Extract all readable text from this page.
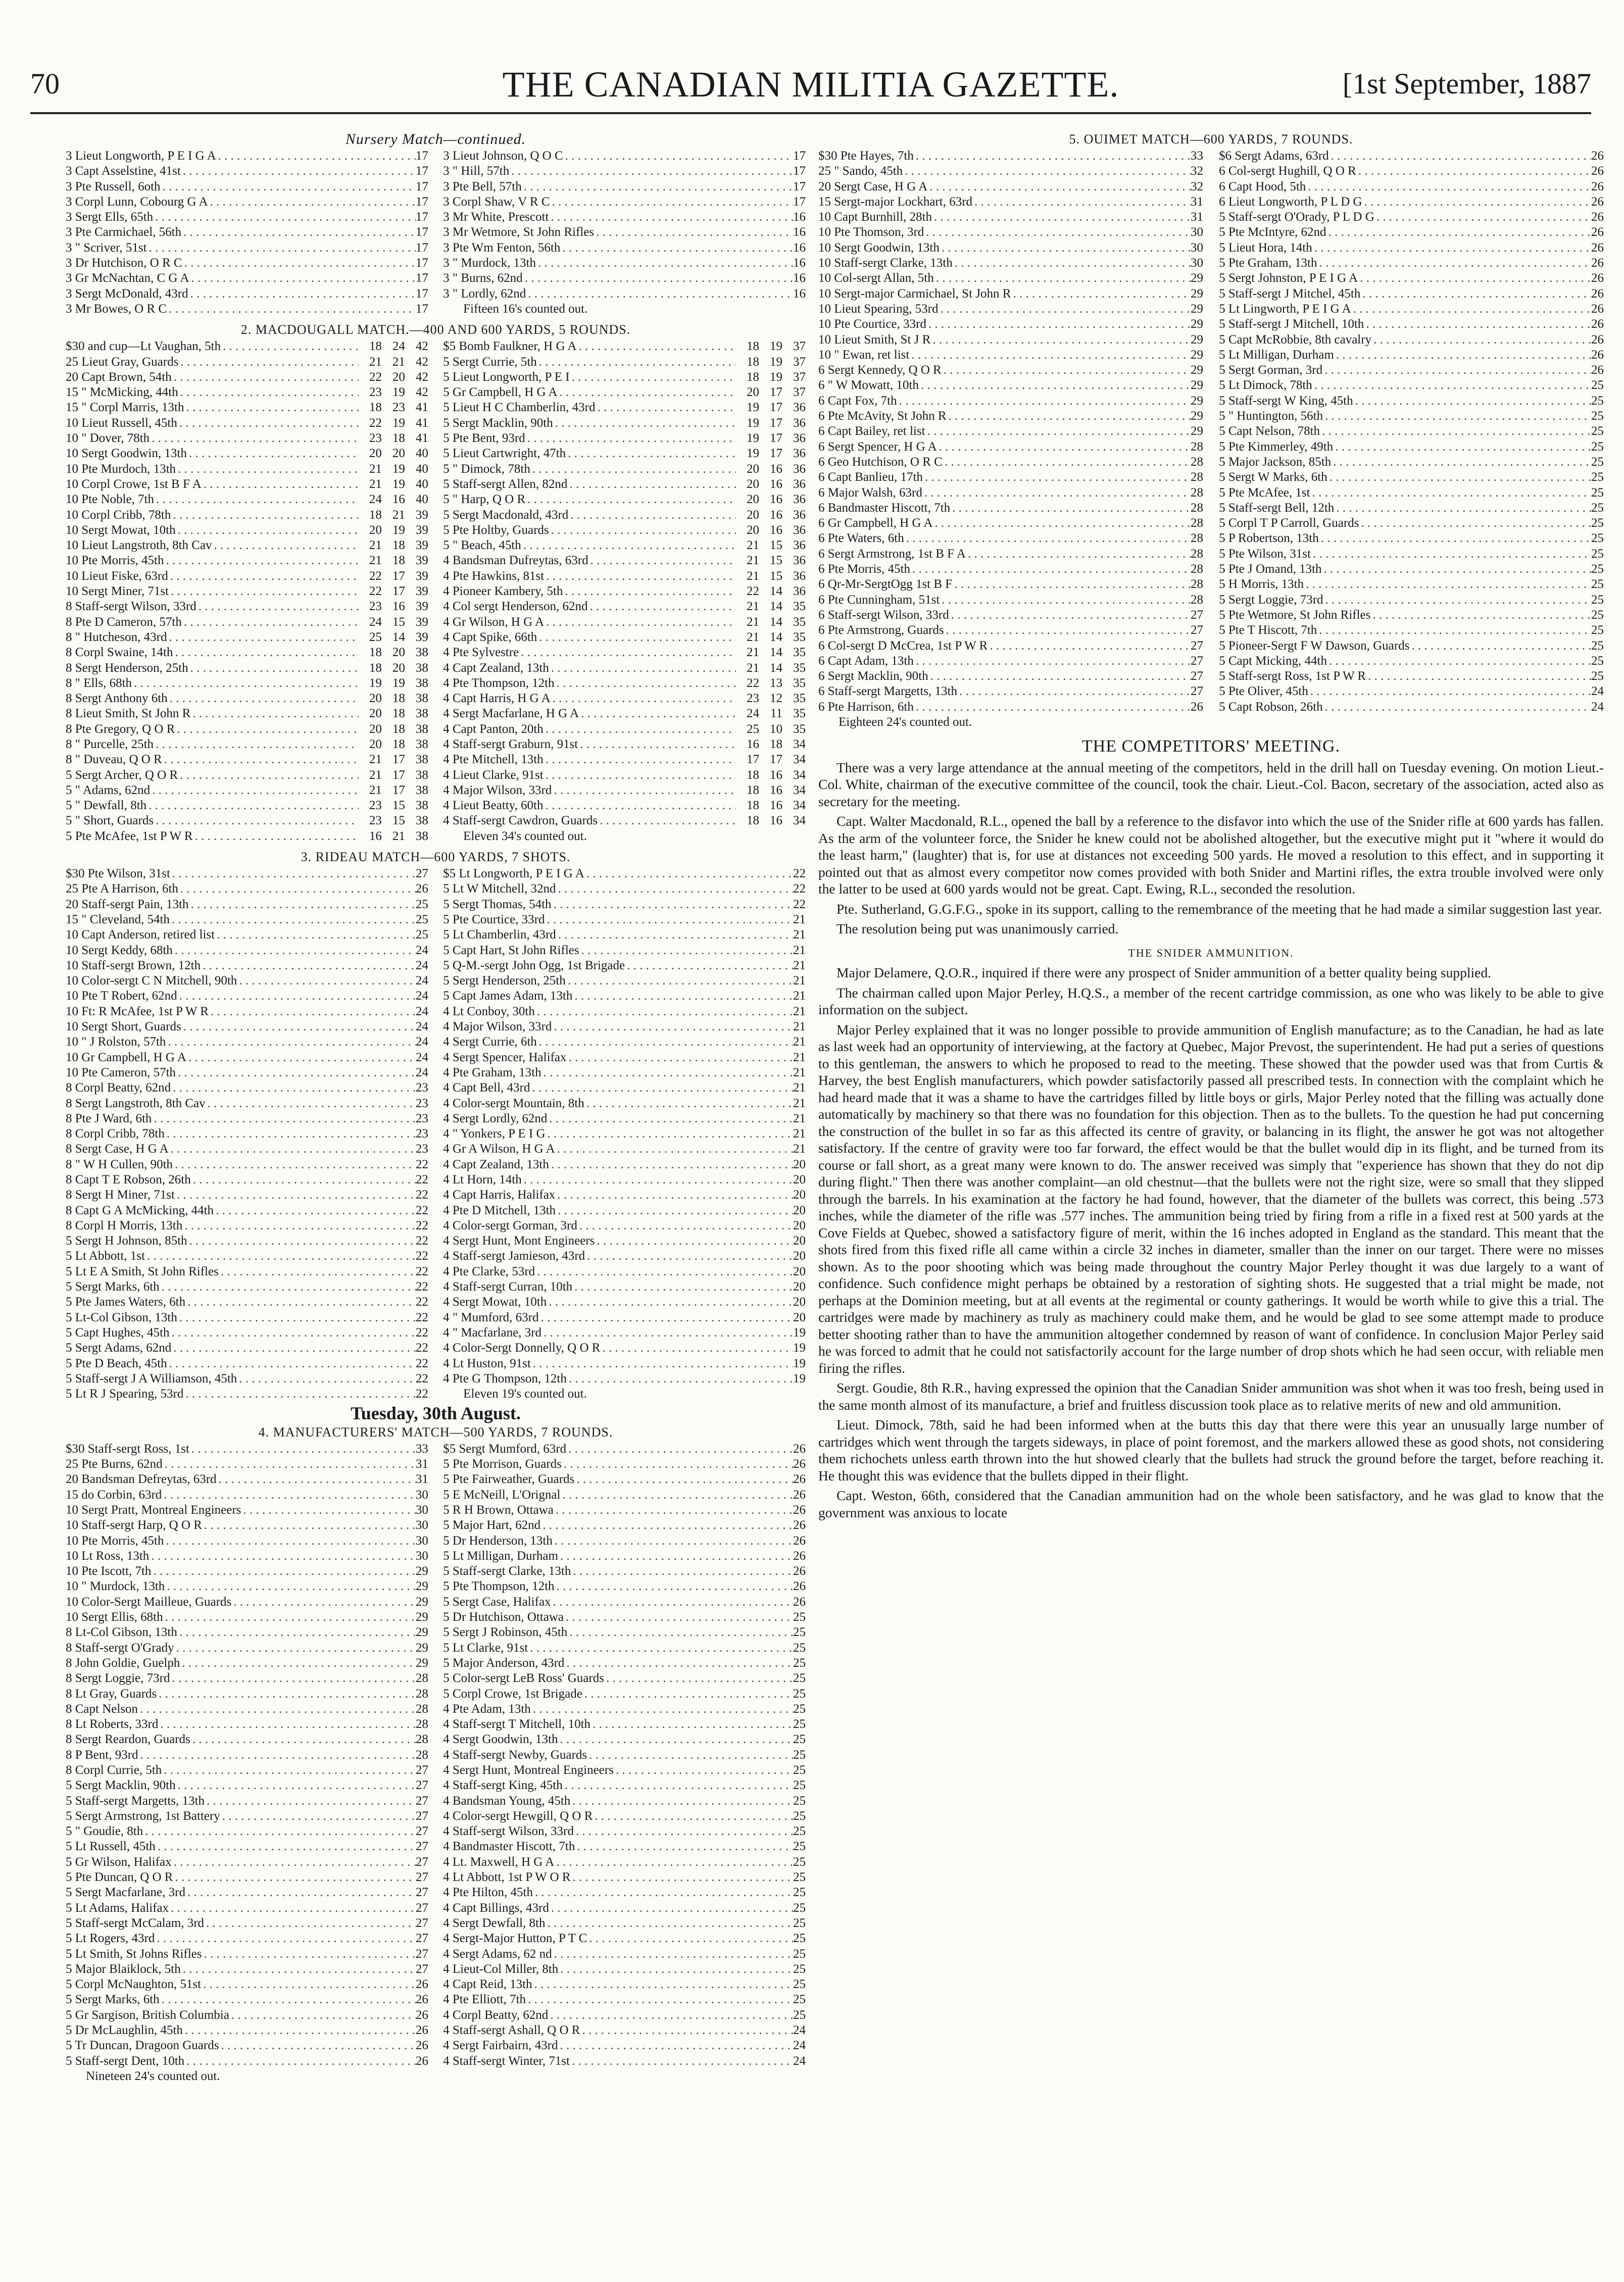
70	THE CANADIAN MILITIA GAZETTE.	[1st September, 1887
Nursery Match—continued.
3 Lieut Longworth, P E I G A . . .	17
3 Capt Asselstine, 41st . . .	17
3 Pte Russell, 6oth . . .	17
3 Corpl Lunn, Cobourg G A . . .	17
3 Sergt Ells, 65th . . .	17
3 Pte Carmichael, 56th . . .	17
3 " Scriver, 51st . . .	17
3 Dr Hutchison, O R C . . .	17
3 Gr McNachtan, C G A . . .	17
3 Sergt McDonald, 43rd . . .	17
3 Mr Bowes, O R C . . .	17
3 Lieut Johnson, Q O C . . .	17
3 " Hill, 57th . . .	17
3 Pte Bell, 57th . . .	17
3 Corpl Shaw, V R C . . .	17
3 Mr White, Prescott . . .	16
3 Mr Wetmore, St John Rifles . . .	16
3 Pte Wm Fenton, 56th . . .	16
3 " Murdock, 13th . . .	16
3 " Burns, 62nd . . .	16
3 " Lordly, 62nd . . .	16
Fifteen 16's counted out.
2. MACDOUGALL MATCH.—400 AND 600 YARDS, 5 ROUNDS.
$30 and cup—Lt Vaughan, 5th . . .	18 24 42
25 Lieut Gray, Guards . . .	21 21 42
20 Capt Brown, 54th . . .	22 20 42
15 " McMicking, 44th . . .	23 19 42
15 " Corpl Marris, 13th . . .	18 23 41
10 Lieut Russell, 45th . . .	22 19 41
10 " Dover, 78th . . .	23 18 41
10 Sergt Goodwin, 13th . . .	20 20 40
10 Pte Murdoch, 13th . . .	21 19 40
10 Corpl Crowe, 1st B F A . . .	21 19 40
10 Pte Noble, 7th . . .	24 16 40
10 Corpl Cribb, 78th . . .	18 21 39
10 Sergt Mowat, 10th . . .	20 19 39
10 Lieut Langstroth, 8th Cav . . .	21 18 39
10 Pte Morris, 45th . . .	21 18 39
10 Lieut Fiske, 63rd . . .	22 17 39
10 Sergt Miner, 71st . . .	22 17 39
8 Staff-sergt Wilson, 33rd . . .	23 16 39
8 Pte D Cameron, 57th . . .	24 15 39
8 " Hutcheson, 43rd . . .	25 14 39
8 Corpl Swaine, 14th . . .	18 20 38
8 Sergt Henderson, 25th . . .	18 20 38
8 " Ells, 68th . . .	19 19 38
8 Sergt Anthony 6th . . .	20 18 38
8 Lieut Smith, St John R . . .	20 18 38
8 Pte Gregory, Q O R . . .	20 18 38
8 " Purcelle, 25th . . .	20 18 38
8 " Duveau, Q O R . . .	21 17 38
5 Sergt Archer, Q O R . . .	21 17 38
5 " Adams, 62nd . . .	21 17 38
5 " Dewfall, 8th . . .	23 15 38
5 " Short, Guards . . .	23 15 38
5 Pte McAfee, 1st P W R . . .	16 21 38
$5 Bomb Faulkner, H G A . . .	18 19 37
5 Sergt Currie, 5th . . .	18 19 37
5 Lieut Longworth, P E I . . .	18 19 37
5 Gr Campbell, H G A . . .	20 17 37
5 Lieut H C Chamberlin, 43rd . . .	19 17 36
5 Sergt Macklin, 90th . . .	19 17 36
5 Pte Bent, 93rd . . .	19 17 36
5 Lieut Cartwright, 47th . . .	19 17 36
5 " Dimock, 78th . . .	20 16 36
5 Staff-sergt Allen, 82nd . . .	20 16 36
5 " Harp, Q O R . . .	20 16 36
5 Sergt Macdonald, 43rd . . .	20 16 36
5 Pte Holtby, Guards . . .	20 16 36
5 " Beach, 45th . . .	21 15 36
4 Bandsman Dufreytas, 63rd . . .	21 15 36
4 Pte Hawkins, 81st . . .	21 15 36
4 Pioneer Kambery, 5th . . .	22 14 36
4 Col sergt Henderson, 62nd . . .	21 14 35
4 Gr Wilson, H G A . . .	21 14 35
4 Capt Spike, 66th . . .	21 14 35
4 Pte Sylvestre . . .	21 14 35
4 Capt Zealand, 13th . . .	21 14 35
4 Pte Thompson, 12th . . .	22 13 35
4 Capt Harris, H G A . . .	23 12 35
4 Sergt Macfarlane, H G A . . .	24 11 35
4 Capt Panton, 20th . . .	25 10 35
4 Staff-sergt Graburn, 91st . . .	16 18 34
4 Pte Mitchell, 13th . . .	17 17 34
4 Lieut Clarke, 91st . . .	18 16 34
4 Major Wilson, 33rd . . .	18 16 34
4 Lieut Beatty, 60th . . .	18 16 34
4 Staff-sergt Cawdron, Guards . . .	18 16 34
Eleven 34's counted out.
3. RIDEAU MATCH—600 YARDS, 7 SHOTS.
$30 Pte Wilson, 31st . . .	27
25 Pte A Harrison, 6th . . .	26
20 Staff-sergt Pain, 13th . . .	25
15 " Cleveland, 54th . . .	25
10 Capt Anderson, retired list . . .	25
10 Sergt Keddy, 68th . . .	24
10 Staff-sergt Brown, 12th . . .	24
10 Color-sergt C N Mitchell, 90th . . .	24
10 Pte T Robert, 62nd . . .	24
10 Ft: R McAfee, 1st P W R . . .	24
10 Sergt Short, Guards . . .	24
10 " J Rolston, 57th . . .	24
10 Gr Campbell, H G A . . .	24
10 Pte Cameron, 57th . . .	24
8 Corpl Beatty, 62nd . . .	23
8 Sergt Langstroth, 8th Cav . . .	23
8 Pte J Ward, 6th . . .	23
8 Corpl Cribb, 78th . . .	23
8 Sergt Case, H G A . . .	23
8 " W H Cullen, 90th . . .	22
8 Capt T E Robson, 26th . . .	22
8 Sergt H Miner, 71st . . .	22
8 Capt G A McMicking, 44th . . .	22
8 Corpl H Morris, 13th . . .	22
5 Sergt H Johnson, 85th . . .	22
5 Lt Abbott, 1st . . .	22
5 Lt E A Smith, St John Rifles . . .	22
5 Sergt Marks, 6th . . .	22
5 Pte James Waters, 6th . . .	22
5 Lt-Col Gibson, 13th . . .	22
5 Capt Hughes, 45th . . .	22
5 Sergt Adams, 62nd . . .	22
5 Pte D Beach, 45th . . .	22
5 Staff-sergt J A Williamson, 45th . . .	22
5 Lt R J Spearing, 53rd . . .	22
$5 Lt Longworth, P E I G A . . .	22
5 Lt W Mitchell, 32nd . . .	22
5 Sergt Thomas, 54th . . .	22
5 Pte Courtice, 33rd . . .	21
5 Lt Chamberlin, 43rd . . .	21
5 Capt Hart, St John Rifles . . .	21
5 Q-M.-sergt John Ogg, 1st Brigade . . .	21
5 Sergt Henderson, 25th . . .	21
5 Capt James Adam, 13th . . .	21
4 Lt Conboy, 30th . . .	21
4 Major Wilson, 33rd . . .	21
4 Sergt Currie, 6th . . .	21
4 Sergt Spencer, Halifax . . .	21
4 Pte Graham, 13th . . .	21
4 Capt Bell, 43rd . . .	21
4 Color-sergt Mountain, 8th . . .	21
4 Sergt Lordly, 62nd . . .	21
4 " Yonkers, P E I G . . .	21
4 Gr A Wilson, H G A . . .	21
4 Capt Zealand, 13th . . .	20
4 Lt Horn, 14th . . .	20
4 Capt Harris, Halifax . . .	20
4 Pte D Mitchell, 13th . . .	20
4 Color-sergt Gorman, 3rd . . .	20
4 Sergt Hunt, Mont Engineers . . .	20
4 Staff-sergt Jamieson, 43rd . . .	20
4 Pte Clarke, 53rd . . .	20
4 Staff-sergt Curran, 10th . . .	20
4 Sergt Mowat, 10th . . .	20
4 " Mumford, 63rd . . .	20
4 " Macfarlane, 3rd . . .	19
4 Color-Sergt Donnelly, Q O R . . .	19
4 Lt Huston, 91st . . .	19
4 Pte G Thompson, 12th . . .	19
Eleven 19's counted out.
Tuesday, 30th August.
4. MANUFACTURERS' MATCH—500 YARDS, 7 ROUNDS.
$30 Staff-sergt Ross, 1st . . .	33
25 Pte Burns, 62nd . . .	31
20 Bandsman Defreytas, 63rd . . .	31
15 do Corbin, 63rd . . .	30
10 Sergt Pratt, Montreal Engineers . . .	30
10 Staff-sergt Harp, Q O R . . .	30
10 Pte Morris, 45th . . .	30
10 Lt Ross, 13th . . .	30
10 Pte Iscott, 7th . . .	29
10 " Murdock, 13th . . .	29
10 Color-Sergt Mailleue, Guards . . .	29
10 Sergt Ellis, 68th . . .	29
8 Lt-Col Gibson, 13th . . .	29
8 Staff-sergt O'Grady . . .	29
8 John Goldie, Guelph . . .	29
8 Sergt Loggie, 73rd . . .	28
8 Lt Gray, Guards . . .	28
8 Capt Nelson . . .	28
8 Lt Roberts, 33rd . . .	28
8 Sergt Reardon, Guards . . .	28
8 P Bent, 93rd . . .	28
8 Corpl Currie, 5th . . .	27
5 Sergt Macklin, 90th . . .	27
5 Staff-sergt Margetts, 13th . . .	27
5 Sergt Armstrong, 1st Battery . . .	27
5 " Goudie, 8th . . .	27
5 Lt Russell, 45th . . .	27
5 Gr Wilson, Halifax . . .	27
5 Pte Duncan, Q O R . . .	27
5 Sergt Macfarlane, 3rd . . .	27
5 Lt Adams, Halifax . . .	27
5 Staff-sergt McCalam, 3rd . . .	27
5 Lt Rogers, 43rd . . .	27
5 Lt Smith, St Johns Rifles . . .	27
5 Major Blaiklock, 5th . . .	27
5 Corpl McNaughton, 51st . . .	26
5 Sergt Marks, 6th . . .	26
5 Gr Sargison, British Columbia . . .	26
5 Dr McLaughlin, 45th . . .	26
5 Tr Duncan, Dragoon Guards . . .	26
5 Staff-sergt Dent, 10th . . .	26
Nineteen 24's counted out.
$5 Sergt Mumford, 63rd . . .	26
5 Pte Morrison, Guards . . .	26
5 Pte Fairweather, Guards . . .	26
5 E McNeill, L'Orignal . . .	26
5 R H Brown, Ottawa . . .	26
5 Major Hart, 62nd . . .	26
5 Dr Henderson, 13th . . .	26
5 Lt Milligan, Durham . . .	26
5 Staff-sergt Clarke, 13th . . .	26
5 Pte Thompson, 12th . . .	26
5 Sergt Case, Halifax . . .	26
5 Dr Hutchison, Ottawa . . .	25
5 Sergt J Robinson, 45th . . .	25
5 Lt Clarke, 91st . . .	25
5 Major Anderson, 43rd . . .	25
5 Color-sergt LeB Ross' Guards . . .	25
5 Corpl Crowe, 1st Brigade . . .	25
4 Pte Adam, 13th . . .	25
4 Staff-sergt T Mitchell, 10th . . .	25
4 Sergt Goodwin, 13th . . .	25
4 Staff-sergt Newby, Guards . . .	25
4 Sergt Hunt, Montreal Engineers . . .	25
4 Staff-sergt King, 45th . . .	25
4 Bandsman Young, 45th . . .	25
4 Color-sergt Hewgill, Q O R . . .	25
4 Staff-sergt Wilson, 33rd . . .	25
4 Bandmaster Hiscott, 7th . . .	25
4 Lt. Maxwell, H G A . . .	25
4 Lt Abbott, 1st P W O R . . .	25
4 Pte Hilton, 45th . . .	25
4 Capt Billings, 43rd . . .	25
4 Sergt Dewfall, 8th . . .	25
4 Sergt-Major Hutton, P T C . . .	25
4 Sergt Adams, 62 nd . . .	25
4 Lieut-Col Miller, 8th . . .	25
4 Capt Reid, 13th . . .	25
4 Pte Elliott, 7th . . .	25
4 Corpl Beatty, 62nd . . .	25
4 Staff-sergt Ashall, Q O R . . .	24
4 Sergt Fairbairn, 43rd . . .	24
4 Staff-sergt Winter, 71st . . .	24
5. OUIMET MATCH—600 YARDS, 7 ROUNDS.
$30 Pte Hayes, 7th . . .	33
25 " Sando, 45th . . .	32
20 Sergt Case, H G A . . .	32
15 Sergt-major Lockhart, 63rd . . .	31
10 Capt Burnhill, 28th . . .	31
10 Pte Thomson, 3rd . . .	30
10 Sergt Goodwin, 13th . . .	30
10 Staff-sergt Clarke, 13th . . .	30
10 Col-sergt Allan, 5th . . .	29
10 Sergt-major Carmichael, St John R . . .	29
10 Lieut Spearing, 53rd . . .	29
10 Pte Courtice, 33rd . . .	29
10 Lieut Smith, St J R . . .	29
10 " Ewan, ret list . . .	29
6 Sergt Kennedy, Q O R . . .	29
6 " W Mowatt, 10th . . .	29
6 Capt Fox, 7th . . .	29
6 Pte McAvity, St John R . . .	29
6 Capt Bailey, ret list . . .	29
6 Sergt Spencer, H G A . . .	28
6 Geo Hutchison, O R C . . .	28
6 Capt Banlieu, 17th . . .	28
6 Major Walsh, 63rd . . .	28
6 Bandmaster Hiscott, 7th . . .	28
6 Gr Campbell, H G A . . .	28
6 Pte Waters, 6th . . .	28
6 Sergt Armstrong, 1st B F A . . .	28
6 Pte Morris, 45th . . .	28
6 Qr-Mr-SergtOgg 1st B F . . .	28
6 Pte Cunningham, 51st . . .	28
6 Staff-sergt Wilson, 33rd . . .	27
6 Pte Armstrong, Guards . . .	27
6 Col-sergt D McCrea, 1st P W R . . .	27
6 Capt Adam, 13th . . .	27
6 Sergt Macklin, 90th . . .	27
6 Staff-sergt Margetts, 13th . . .	27
6 Pte Harrison, 6th . . .	26
Eighteen 24's counted out.
$6 Sergt Adams, 63rd . . .	26
6 Col-sergt Hughill, Q O R . . .	26
6 Capt Hood, 5th . . .	26
6 Lieut Longworth, P L D G . . .	26
5 Staff-sergt O'Orady, P L D G . . .	26
5 Pte McIntyre, 62nd . . .	26
5 Lieut Hora, 14th . . .	26
5 Pte Graham, 13th . . .	26
5 Sergt Johnston, P E I G A . . .	26
5 Staff-sergt J Mitchel, 45th . . .	26
5 Lt Lingworth, P E I G A . . .	26
5 Staff-sergt J Mitchell, 10th . . .	26
5 Capt McRobbie, 8th cavalry . . .	26
5 Lt Milligan, Durham . . .	26
5 Sergt Gorman, 3rd . . .	26
5 Lt Dimock, 78th . . .	25
5 Staff-sergt W King, 45th . . .	25
5 " Huntington, 56th . . .	25
5 Capt Nelson, 78th . . .	25
5 Pte Kimmerley, 49th . . .	25
5 Major Jackson, 85th . . .	25
5 Sergt W Marks, 6th . . .	25
5 Pte McAfee, 1st . . .	25
5 Staff-sergt Bell, 12th . . .	25
5 Corpl T P Carroll, Guards . . .	25
5 P Robertson, 13th . . .	25
5 Pte Wilson, 31st . . .	25
5 Pte J Omand, 13th . . .	25
5 H Morris, 13th . . .	25
5 Sergt Loggie, 73rd . . .	25
5 Pte Wetmore, St John Rifles . . .	25
5 Pte T Hiscott, 7th . . .	25
5 Pioneer-Sergt F W Dawson, Guards . . .	25
5 Capt Micking, 44th . . .	25
5 Staff-sergt Ross, 1st P W R . . .	25
5 Pte Oliver, 45th . . .	24
5 Capt Robson, 26th . . .	24
THE COMPETITORS' MEETING.

There was a very large attendance at the annual meeting of the competitors, held in the drill hall on Tuesday evening. On motion Lieut.-Col. White, chairman of the executive committee of the council, took the chair. Lieut.-Col. Bacon, secretary of the association, acted also as secretary for the meeting.

Capt. Walter Macdonald, R.L., opened the ball by a reference to the disfavor into which the use of the Snider rifle at 600 yards has fallen. As the arm of the volunteer force, the Snider he knew could not be abolished altogether, but the executive might put it "where it would do the least harm," (laughter) that is, for use at distances not exceeding 500 yards. He moved a resolution to this effect, and in supporting it pointed out that as almost every competitor now comes provided with both Snider and Martini rifles, the extra trouble involved were only the latter to be used at 600 yards would not be great. Capt. Ewing, R.L., seconded the resolution.

Pte. Sutherland, G.G.F.G., spoke in its support, calling to the remembrance of the meeting that he had made a similar suggestion last year.

The resolution being put was unanimously carried.

THE SNIDER AMMUNITION.

Major Delamere, Q.O.R., inquired if there were any prospect of Snider ammunition of a better quality being supplied.

The chairman called upon Major Perley, H.Q.S., a member of the recent cartridge commission, as one who was likely to be able to give information on the subject.

Major Perley explained that it was no longer possible to provide ammunition of English manufacture; as to the Canadian, he had as late as last week had an opportunity of interviewing, at the factory at Quebec, Major Prevost, the superintendent. He had put a series of questions to this gentleman, the answers to which he proposed to read to the meeting. These showed that the powder used was that from Curtis & Harvey, the best English manufacturers, which powder satisfactorily passed all prescribed tests. In connection with the complaint which he had heard made that it was a shame to have the cartridges filled by little boys or girls, Major Perley noted that the filling was actually done automatically by machinery so that there was no foundation for this objection. Then as to the bullets. To the question he had put concerning the construction of the bullet in so far as this affected its centre of gravity, or balancing in its flight, the answer he got was not altogether satisfactory. If the centre of gravity were too far forward, the effect would be that the bullet would dip in its flight, and be turned from its course or fall short, as a great many were known to do. The answer received was simply that "experience has shown that they do not dip during flight." Then there was another complaint—an old chestnut—that the bullets were not the right size, were so small that they slipped through the barrels. In his examination at the factory he had found, however, that the diameter of the bullets was correct, this being .573 inches, while the diameter of the rifle was .577 inches. The ammunition being tried by firing from a rifle in a fixed rest at 500 yards at the Cove Fields at Quebec, showed a satisfactory figure of merit, within the 16 inches adopted in England as the standard. This meant that the shots fired from this fixed rifle all came within a circle 32 inches in diameter, smaller than the inner on our target. There were no misses shown. As to the poor shooting which was being made throughout the country Major Perley thought it was due largely to a want of confidence. Such confidence might perhaps be obtained by a restoration of sighting shots. He suggested that a trial might be made, not perhaps at the Dominion meeting, but at all events at the regimental or county gatherings. It would be worth while to give this a trial. The cartridges were made by machinery as truly as machinery could make them, and he would be glad to see some attempt made to produce better shooting rather than to have the ammunition altogether condemned by reason of want of confidence. In conclusion Major Perley said he was forced to admit that he could not satisfactorily account for the large number of drop shots which he had seen occur, with reliable men firing the rifles.

Sergt. Goudie, 8th R.R., having expressed the opinion that the Canadian Snider ammunition was shot when it was too fresh, being used in the same month almost of its manufacture, a brief and fruitless discussion took place as to relative merits of new and old ammunition.

Lieut. Dimock, 78th, said he had been informed when at the butts this day that there were this year an unusually large number of cartridges which went through the targets sideways, in place of point foremost, and the markers allowed these as good shots, not considering them richochets unless earth thrown into the hut showed clearly that the bullets had struck the ground before the target, before reaching it. He thought this was evidence that the bullets dipped in their flight.

Capt. Weston, 66th, considered that the Canadian ammunition had on the whole been satisfactory, and he was glad to know that the government was anxious to locate
